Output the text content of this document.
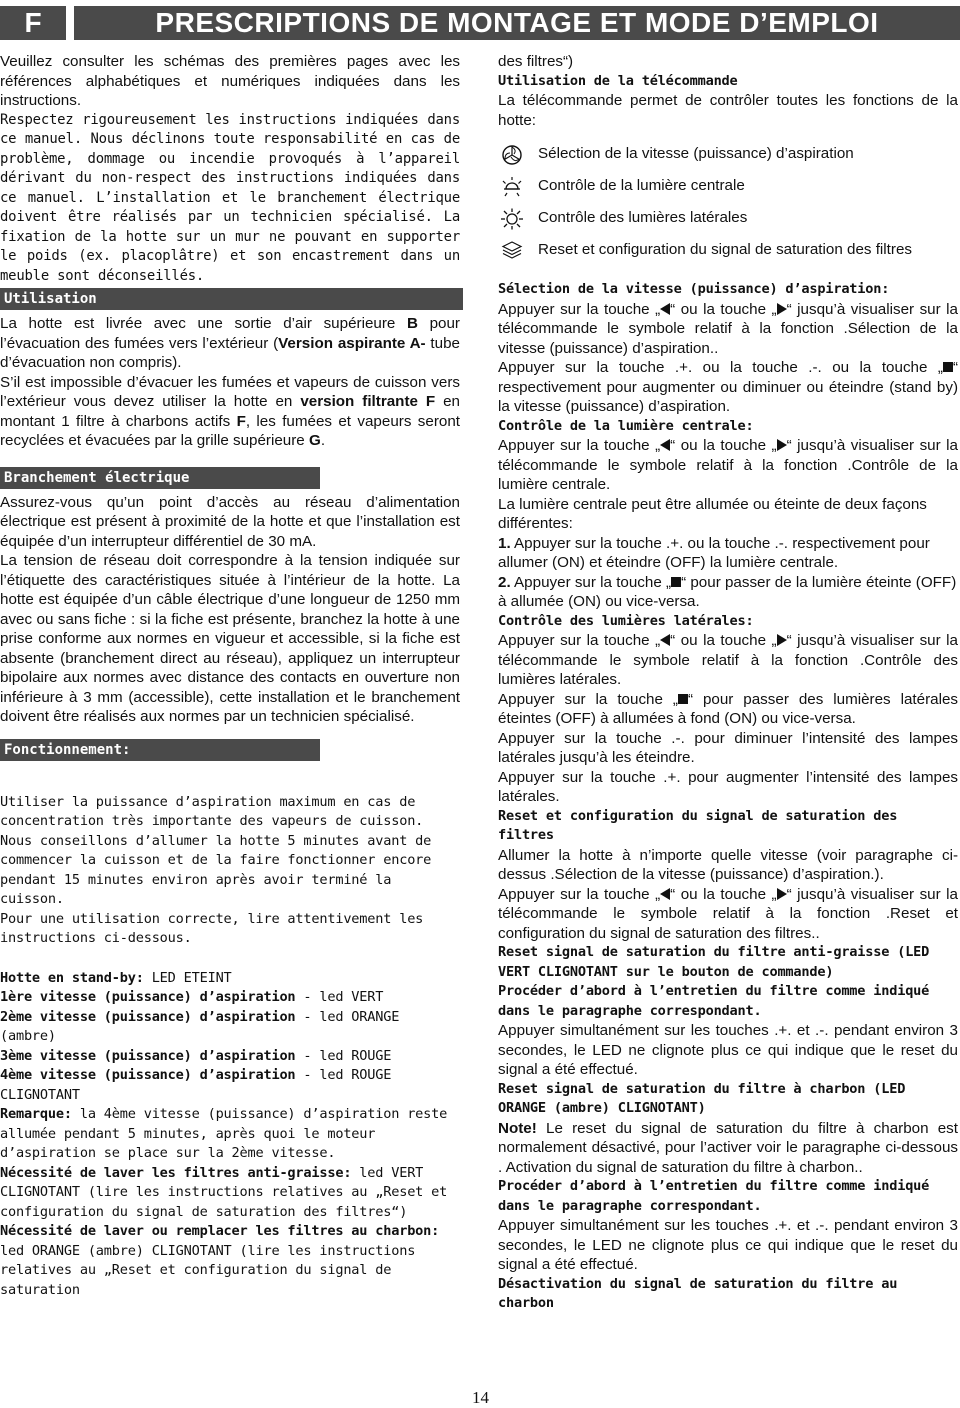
F	PRESCRIPTIONS DE MONTAGE ET MODE D’EMPLOI

Veuillez consulter les schémas des premières pages avec les références alphabétiques et numériques indiquées dans les instructions.

Respectez rigoureusement les instructions indiquées dans ce manuel. Nous déclinons toute responsabilité en cas de problème, dommage ou incendie provoqués à l’appareil dérivant du non-respect des instructions indiquées dans ce manuel. L’installation et le branchement électrique doivent être réalisés par un technicien spécialisé. La fixation de la hotte sur un mur ne pouvant en supporter le poids (ex. placoplâtre) et son encastrement dans un meuble sont déconseillés.

Utilisation

La hotte est livrée avec une sortie d’air supérieure B pour l’évacuation des fumées vers l’extérieur (Version aspirante A- tube d’évacuation non compris).

S’il est impossible d’évacuer les fumées et vapeurs de cuisson vers l’extérieur vous devez utiliser la hotte en version filtrante F en montant 1 filtre à charbons actifs F, les fumées et vapeurs seront recyclées et évacuées par la grille supérieure G.

Branchement électrique

Assurez-vous qu’un point d’accès au réseau d’alimentation électrique est présent à proximité de la hotte et que l’installation est équipée d’un interrupteur différentiel de 30 mA.

La tension de réseau doit correspondre à la tension indiquée sur l’étiquette des caractéristiques située à l’intérieur de la hotte. La hotte est équipée d’un câble électrique d’une longueur de 1250 mm avec ou sans fiche : si la fiche est présente, branchez la hotte à une prise conforme aux normes en vigueur et accessible, si la fiche est absente (branchement direct au réseau), appliquez un interrupteur bipolaire aux normes avec distance des contacts en ouverture non inférieure à 3 mm (accessible), cette installation et le branchement doivent être réalisés aux normes par un technicien spécialisé.

Fonctionnement:

Utiliser la puissance d’aspiration maximum en cas de concentration très importante des vapeurs de cuisson. Nous conseillons d’allumer la hotte 5 minutes avant de commencer la cuisson et de la faire fonctionner encore pendant 15 minutes environ après avoir terminé la cuisson.

Pour une utilisation correcte, lire attentivement les instructions ci-dessous.

Hotte en stand-by: LED ETEINT

1ère vitesse (puissance) d’aspiration - led VERT

2ème vitesse (puissance) d’aspiration - led ORANGE (ambre)

3ème vitesse (puissance) d’aspiration - led ROUGE

4ème vitesse (puissance) d’aspiration - led ROUGE CLIGNOTANT

Remarque: la 4ème vitesse (puissance) d’aspiration reste allumée pendant 5 minutes, après quoi le moteur d’aspiration se place sur la 2ème vitesse.

Nécessité de laver les filtres anti-graisse: led VERT CLIGNOTANT (lire les instructions relatives au „Reset et configuration du signal de saturation des filtres“)

Nécessité de laver ou remplacer les filtres au charbon: led ORANGE (ambre) CLIGNOTANT (lire les instructions relatives au „Reset et configuration du signal de saturation

des filtres“)

Utilisation de la télécommande

La télécommande permet de contrôler toutes les fonctions de la hotte:

Sélection de la vitesse (puissance) d’aspiration
Contrôle de la lumière centrale
Contrôle des lumières latérales
Reset et configuration du signal de saturation des filtres

Sélection de la vitesse (puissance) d’aspiration:

Appuyer sur la touche „ “ ou la touche „ “ jusqu’à visualiser sur la télécommande le symbole relatif à la fonction .Sélection de la vitesse (puissance) d’aspiration..

Appuyer sur la touche .+. ou la touche .-. ou la touche „ “ respectivement pour augmenter ou diminuer ou éteindre (stand by) la vitesse (puissance) d’aspiration.

Contrôle de la lumière centrale:

Appuyer sur la touche „ “ ou la touche „ “ jusqu’à visualiser sur la télécommande le symbole relatif à la fonction .Contrôle de la lumière centrale.

La lumière centrale peut être allumée ou éteinte de deux façons différentes:

1. Appuyer sur la touche .+. ou la touche .-. respectivement pour allumer (ON) et éteindre (OFF) la lumière centrale.

2. Appuyer sur la touche „ “ pour passer de la lumière éteinte (OFF) à allumée (ON) ou vice-versa.

Contrôle des lumières latérales:

Appuyer sur la touche „ “ ou la touche „ “ jusqu’à visualiser sur la télécommande le symbole relatif à la fonction .Contrôle des lumières latérales.

Appuyer sur la touche „ “ pour passer des lumières latérales éteintes (OFF) à allumées à fond (ON) ou vice-versa.

Appuyer sur la touche .-. pour diminuer l’intensité des lampes latérales jusqu’à les éteindre.

Appuyer sur la touche .+. pour augmenter l’intensité des lampes latérales.

Reset et configuration du signal de saturation des filtres

Allumer la hotte à n’importe quelle vitesse (voir paragraphe ci-dessus .Sélection de la vitesse (puissance) d’aspiration.).

Appuyer sur la touche „ “ ou la touche „ “ jusqu’à visualiser sur la télécommande le symbole relatif à la fonction .Reset et configuration du signal de saturation des filtres..

Reset signal de saturation du filtre anti-graisse (LED VERT CLIGNOTANT sur le bouton de commande)

Procéder d’abord à l’entretien du filtre comme indiqué dans le paragraphe correspondant.

Appuyer simultanément sur les touches .+. et .-. pendant environ 3 secondes, le LED ne clignote plus ce qui indique que le reset du signal a été effectué.

Reset signal de saturation du filtre à charbon (LED ORANGE (ambre) CLIGNOTANT)

Note! Le reset du signal de saturation du filtre à charbon est normalement désactivé, pour l’activer voir le paragraphe ci-dessous . Activation du signal de saturation du filtre à charbon..

Procéder d’abord à l’entretien du filtre comme indiqué dans le paragraphe correspondant.

Appuyer simultanément sur les touches .+. et .-. pendant environ 3 secondes, le LED ne clignote plus ce qui indique que le reset du signal a été effectué.

Désactivation du signal de saturation du filtre au charbon

14
